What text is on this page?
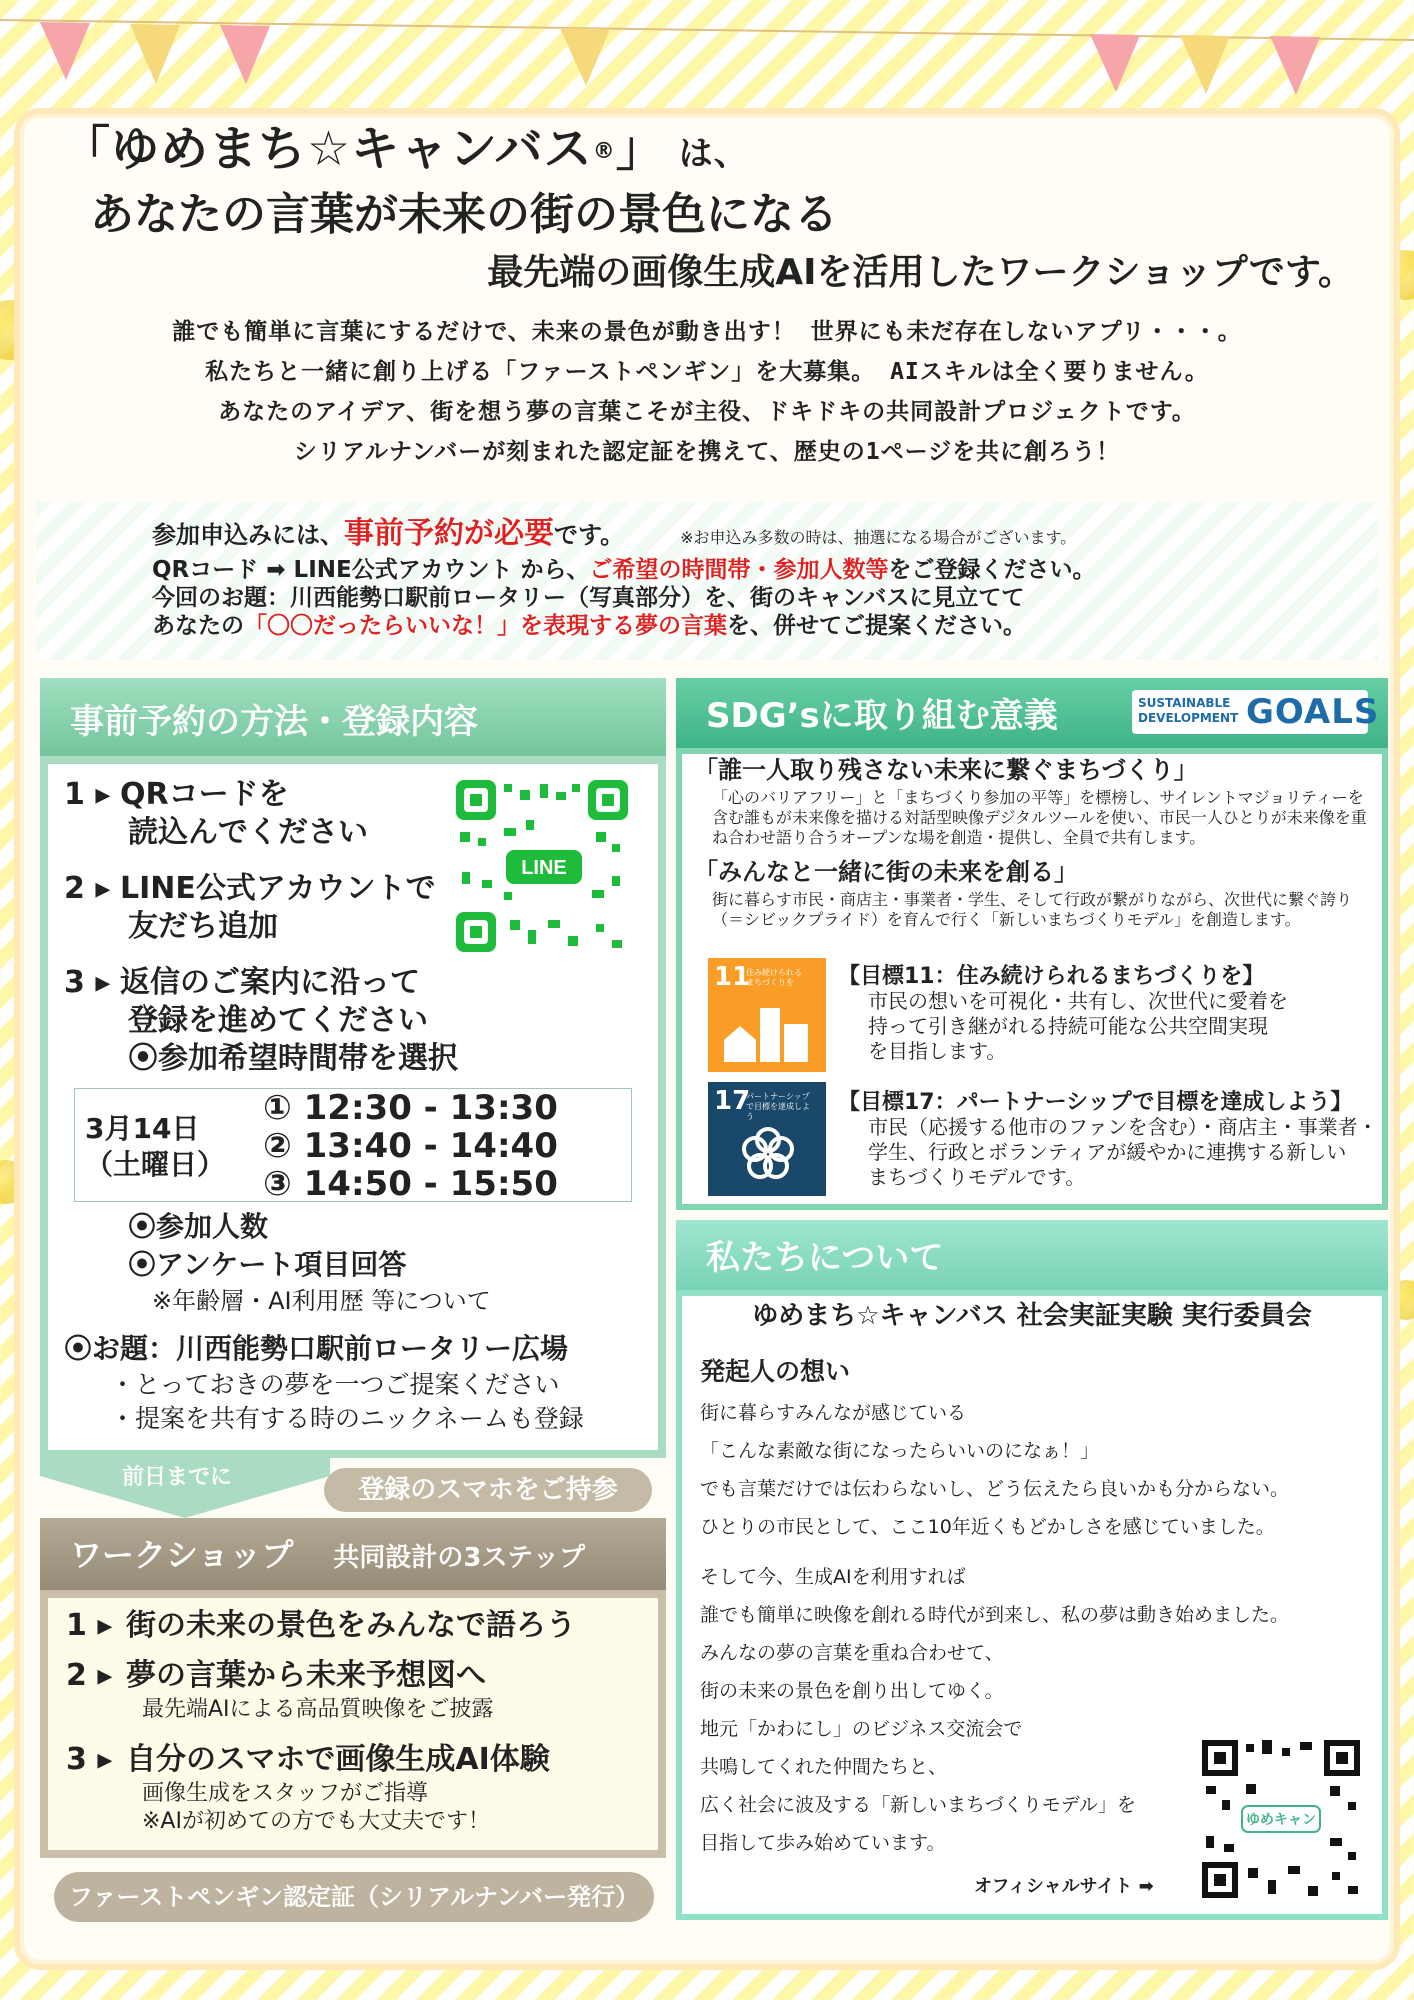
「ゆめまち☆キャンバス®」 は、
あなたの言葉が未来の街の景色になる
最先端の画像生成AIを活用したワークショップです。
誰でも簡単に言葉にするだけで、未来の景色が動き出す！ 世界にも未だ存在しないアプリ・・・。
私たちと一緒に創り上げる「ファーストペンギン」を大募集。 AIスキルは全く要りません。
あなたのアイデア、街を想う夢の言葉こそが主役、ドキドキの共同設計プロジェクトです。
シリアルナンバーが刻まれた認定証を携えて、歴史の1ページを共に創ろう！
参加申込みには、事前予約が必要です。	※お申込み多数の時は、抽選になる場合がございます。
QRコード ➡ LINE公式アカウント から、ご希望の時間帯・参加人数等をご登録ください。
今回のお題：川西能勢口駅前ロータリー（写真部分）を、街のキャンバスに見立てて
あなたの「〇〇だったらいいな！」を表現する夢の言葉を、併せてご提案ください。
事前予約の方法・登録内容
LINE
1 ▸ QRコードを
読込んでください
2 ▸ LINE公式アカウントで
友だち追加
3 ▸ 返信のご案内に沿って
登録を進めてください
⦿参加希望時間帯を選択
3月14日
（土曜日）
① 12:30 - 13:30
② 13:40 - 14:40
③ 14:50 - 15:50
⦿参加人数
⦿アンケート項目回答
※年齢層・AI利用歴 等について
⦿お題：川西能勢口駅前ロータリー広場
・とっておきの夢を一つご提案ください
・提案を共有する時のニックネームも登録
前日までに	登録のスマホをご持参
ワークショップ 共同設計の3ステップ
1 ▸ 街の未来の景色をみんなで語ろう
2 ▸ 夢の言葉から未来予想図へ
最先端AIによる高品質映像をご披露
3 ▸ 自分のスマホで画像生成AI体験
画像生成をスタッフがご指導
※AIが初めての方でも大丈夫です！
ファーストペンギン認定証（シリアルナンバー発行）
SDG’sに取り組む意義	SUSTAINABLE DEVELOPMENT GOALS
「誰一人取り残さない未来に繋ぐまちづくり」
「心のバリアフリー」と「まちづくり参加の平等」を標榜し、サイレントマジョリティーを含む誰もが未来像を描ける対話型映像デジタルツールを使い、市民一人ひとりが未来像を重ね合わせ語り合うオープンな場を創造・提供し、全員で共有します。
「みんなと一緒に街の未来を創る」
街に暮らす市民・商店主・事業者・学生、そして行政が繋がりながら、次世代に繋ぐ誇り（＝シビックプライド）を育んで行く「新しいまちづくりモデル」を創造します。
11
住み続けられるまちづくりを	【目標11：住み続けられるまちづくりを】
市民の想いを可視化・共有し、次世代に愛着を
持って引き継がれる持続可能な公共空間実現
を目指します。
17
パートナーシップで目標を達成しよう
【目標17：パートナーシップで目標を達成しよう】
市民（応援する他市のファンを含む）・商店主・事業者・
学生、行政とボランティアが緩やかに連携する新しい
まちづくりモデルです。
私たちについて
ゆめまち☆キャンバス 社会実証実験 実行委員会
発起人の想い
街に暮らすみんなが感じている
「こんな素敵な街になったらいいのになぁ！」
でも言葉だけでは伝わらないし、どう伝えたら良いかも分からない。
ひとりの市民として、ここ10年近くもどかしさを感じていました。
そして今、生成AIを利用すれば
誰でも簡単に映像を創れる時代が到来し、私の夢は動き始めました。
みんなの夢の言葉を重ね合わせて、
街の未来の景色を創り出してゆく。
地元「かわにし」のビジネス交流会で
共鳴してくれた仲間たちと、
広く社会に波及する「新しいまちづくりモデル」を
目指して歩み始めています。
ゆめキャン
オフィシャルサイト ➡
